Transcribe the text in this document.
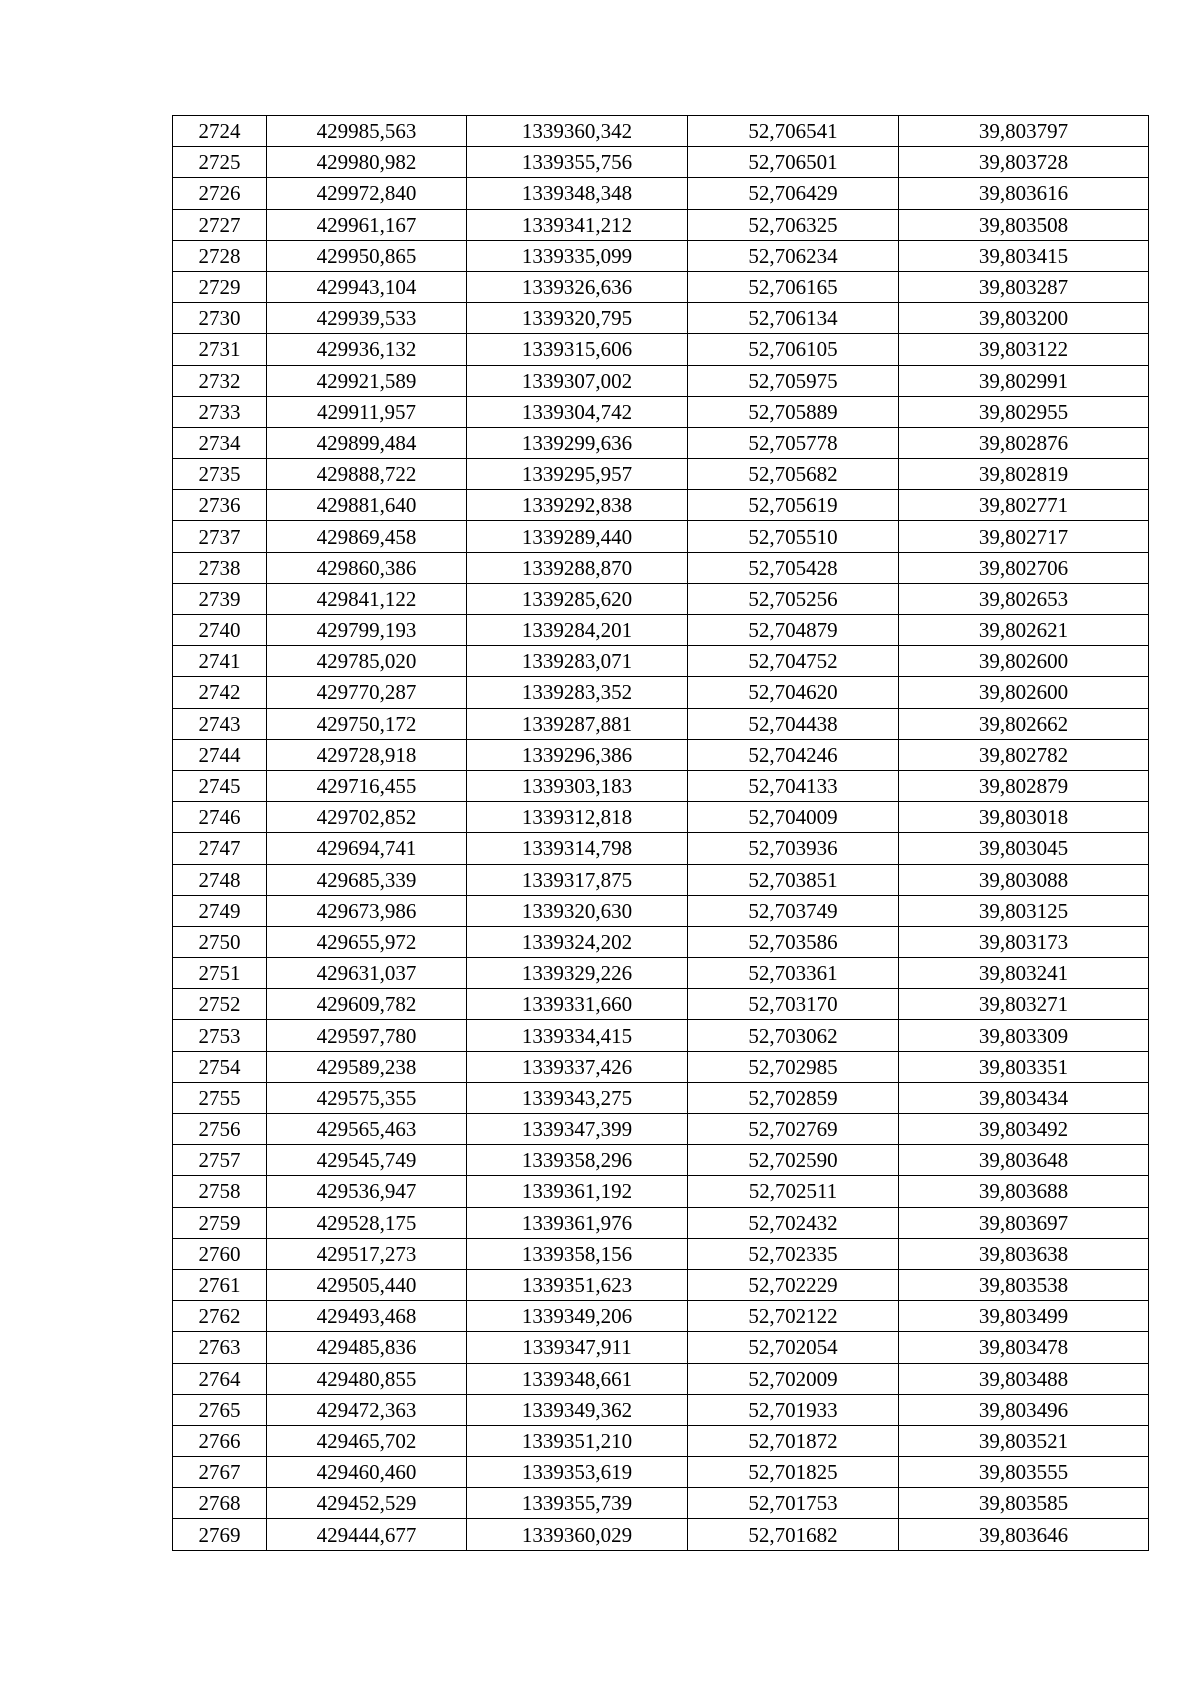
2724	429985,563	1339360,342	52,706541	39,803797
2725	429980,982	1339355,756	52,706501	39,803728
2726	429972,840	1339348,348	52,706429	39,803616
2727	429961,167	1339341,212	52,706325	39,803508
2728	429950,865	1339335,099	52,706234	39,803415
2729	429943,104	1339326,636	52,706165	39,803287
2730	429939,533	1339320,795	52,706134	39,803200
2731	429936,132	1339315,606	52,706105	39,803122
2732	429921,589	1339307,002	52,705975	39,802991
2733	429911,957	1339304,742	52,705889	39,802955
2734	429899,484	1339299,636	52,705778	39,802876
2735	429888,722	1339295,957	52,705682	39,802819
2736	429881,640	1339292,838	52,705619	39,802771
2737	429869,458	1339289,440	52,705510	39,802717
2738	429860,386	1339288,870	52,705428	39,802706
2739	429841,122	1339285,620	52,705256	39,802653
2740	429799,193	1339284,201	52,704879	39,802621
2741	429785,020	1339283,071	52,704752	39,802600
2742	429770,287	1339283,352	52,704620	39,802600
2743	429750,172	1339287,881	52,704438	39,802662
2744	429728,918	1339296,386	52,704246	39,802782
2745	429716,455	1339303,183	52,704133	39,802879
2746	429702,852	1339312,818	52,704009	39,803018
2747	429694,741	1339314,798	52,703936	39,803045
2748	429685,339	1339317,875	52,703851	39,803088
2749	429673,986	1339320,630	52,703749	39,803125
2750	429655,972	1339324,202	52,703586	39,803173
2751	429631,037	1339329,226	52,703361	39,803241
2752	429609,782	1339331,660	52,703170	39,803271
2753	429597,780	1339334,415	52,703062	39,803309
2754	429589,238	1339337,426	52,702985	39,803351
2755	429575,355	1339343,275	52,702859	39,803434
2756	429565,463	1339347,399	52,702769	39,803492
2757	429545,749	1339358,296	52,702590	39,803648
2758	429536,947	1339361,192	52,702511	39,803688
2759	429528,175	1339361,976	52,702432	39,803697
2760	429517,273	1339358,156	52,702335	39,803638
2761	429505,440	1339351,623	52,702229	39,803538
2762	429493,468	1339349,206	52,702122	39,803499
2763	429485,836	1339347,911	52,702054	39,803478
2764	429480,855	1339348,661	52,702009	39,803488
2765	429472,363	1339349,362	52,701933	39,803496
2766	429465,702	1339351,210	52,701872	39,803521
2767	429460,460	1339353,619	52,701825	39,803555
2768	429452,529	1339355,739	52,701753	39,803585
2769	429444,677	1339360,029	52,701682	39,803646
